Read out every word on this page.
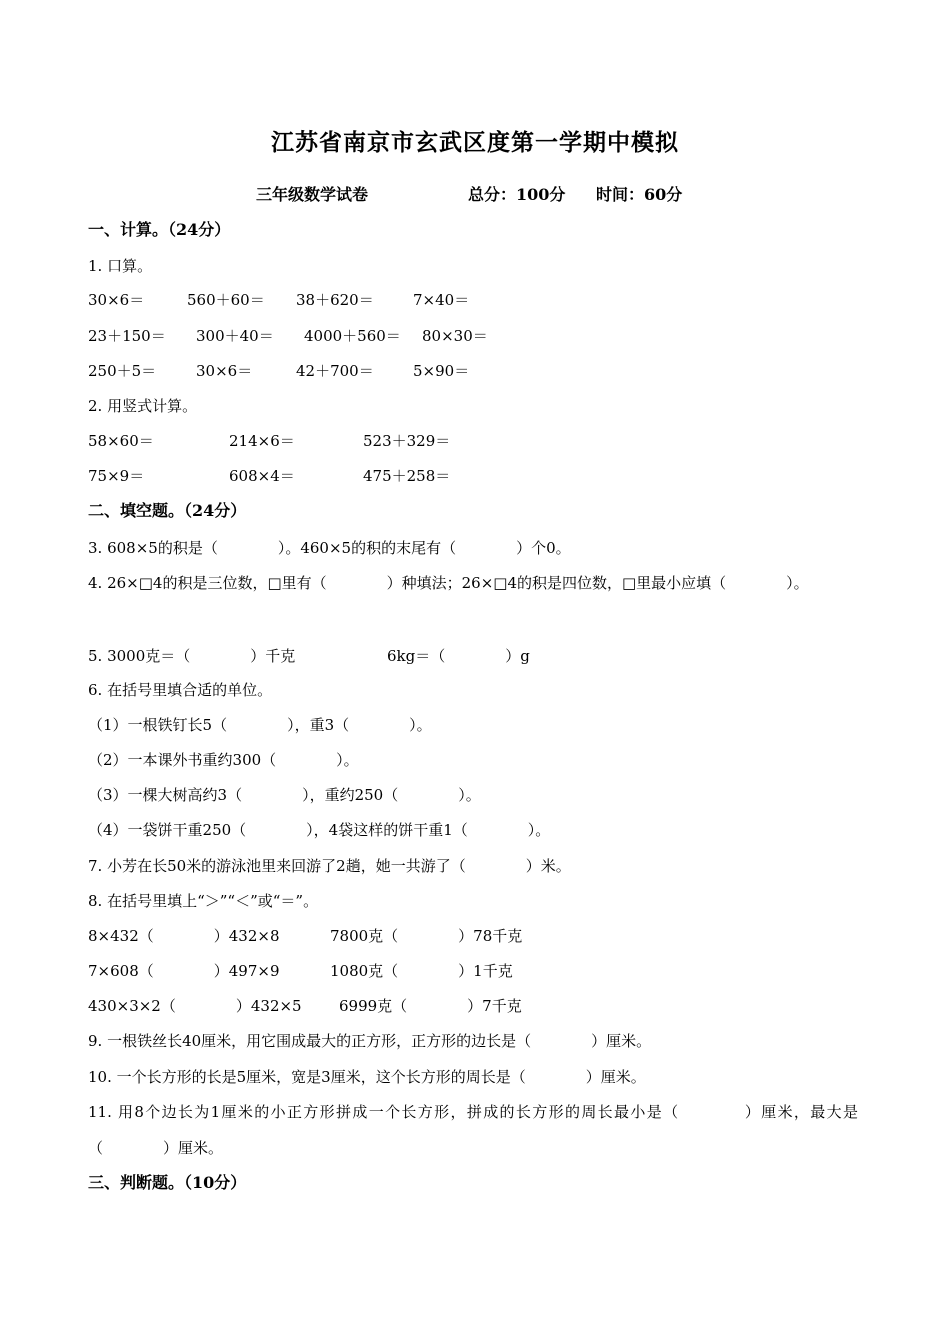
江苏省南京市玄武区度第一学期中模拟
三年级数学试卷	总分：100分 时间：60分
一、计算。（24分）
1. 口算。
30×6＝	560＋60＝ 38＋620＝	7×40＝
23＋150＝ 300＋40＝ 4000＋560＝ 80×30＝
250＋5＝	30×6＝	42＋700＝	5×90＝
2. 用竖式计算。
58×60＝	214×6＝	523＋329＝
75×9＝	608×4＝	475＋258＝
二、填空题。（24分）
3. 608×5的积是（　　　　）。460×5的积的末尾有（　　　　）个0。
4. 26×□4的积是三位数，□里有（　　　　）种填法；26×□4的积是四位数，□里最小应填（　　　　）。
5. 3000克＝（　　　　）千克	6kg＝（　　　　）g
6. 在括号里填合适的单位。
（1）一根铁钉长5（　　　　），重3（　　　　）。
（2）一本课外书重约300（　　　　）。
（3）一棵大树高约3（　　　　），重约250（　　　　）。
（4）一袋饼干重250（　　　　），4袋这样的饼干重1（　　　　）。
7. 小芳在长50米的游泳池里来回游了2趟，她一共游了（　　　　）米。
8. 在括号里填上“＞”“＜”或“＝”。
8×432（　　　　）432×8	7800克（　　　　）78千克
7×608（　　　　）497×9	1080克（　　　　）1千克
430×3×2（　　　　）432×5 6999克（　　　　）7千克
9. 一根铁丝长40厘米，用它围成最大的正方形，正方形的边长是（　　　　）厘米。
10. 一个长方形的长是5厘米，宽是3厘米，这个长方形的周长是（　　　　）厘米。
11. 用8个边长为1厘米的小正方形拼成一个长方形，拼成的长方形的周长最小是（　　　　）厘米，最大是（　　　　）厘米。
三、判断题。（10分）
